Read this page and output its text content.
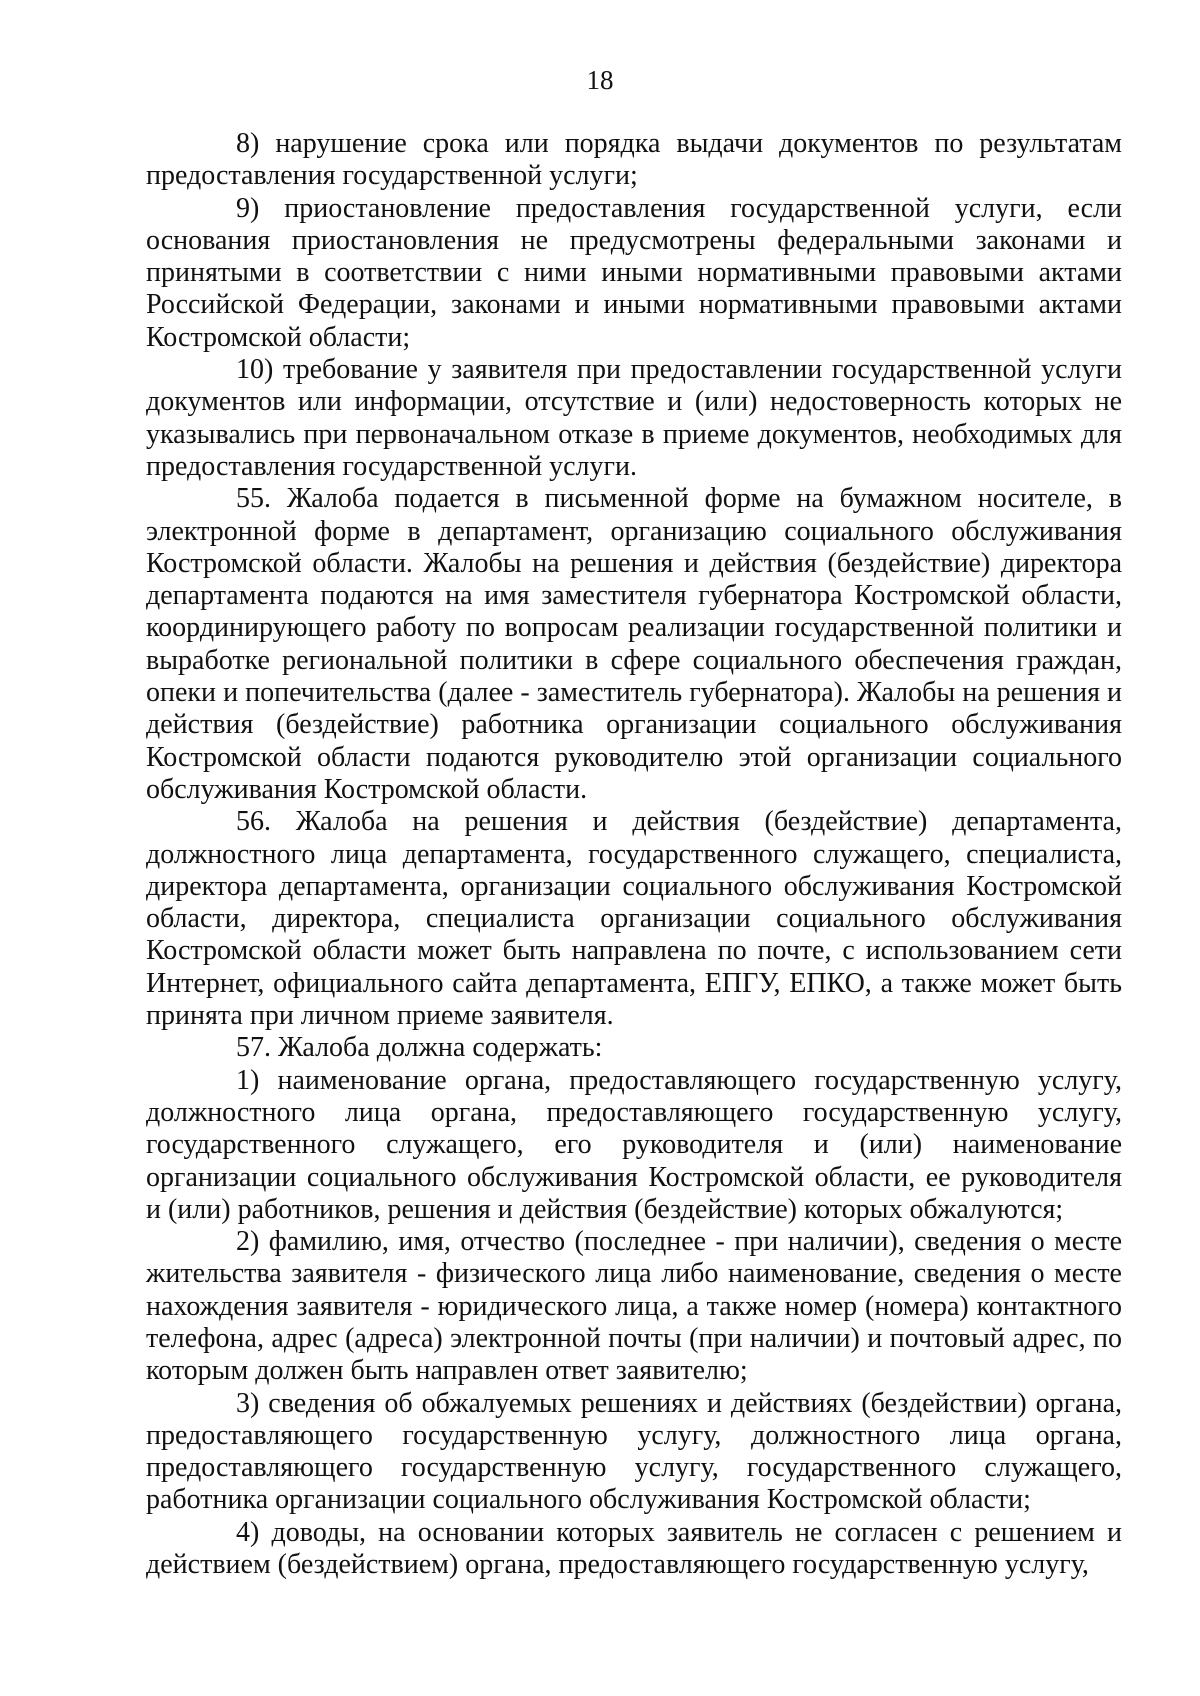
18

8) нарушение срока или порядка выдачи документов по результатам предоставления государственной услуги;

9) приостановление предоставления государственной услуги, если основания приостановления не предусмотрены федеральными законами и принятыми в соответствии с ними иными нормативными правовыми актами Российской Федерации, законами и иными нормативными правовыми актами Костромской области;

10) требование у заявителя при предоставлении государственной услуги документов или информации, отсутствие и (или) недостоверность которых не указывались при первоначальном отказе в приеме документов, необходимых для предоставления государственной услуги.

55. Жалоба подается в письменной форме на бумажном носителе, в электронной форме в департамент, организацию социального обслуживания Костромской области. Жалобы на решения и действия (бездействие) директора департамента подаются на имя заместителя губернатора Костромской области, координирующего работу по вопросам реализации государственной политики и выработке региональной политики в сфере социального обеспечения граждан, опеки и попечительства (далее - заместитель губернатора). Жалобы на решения и действия (бездействие) работника организации социального обслуживания Костромской области подаются руководителю этой организации социального обслуживания Костромской области.

56. Жалоба на решения и действия (бездействие) департамента, должностного лица департамента, государственного служащего, специалиста, директора департамента, организации социального обслуживания Костромской области, директора, специалиста организации социального обслуживания Костромской области может быть направлена по почте, с использованием сети Интернет, официального сайта департамента, ЕПГУ, ЕПКО, а также может быть принята при личном приеме заявителя.

57. Жалоба должна содержать:

1) наименование органа, предоставляющего государственную услугу, должностного лица органа, предоставляющего государственную услугу, государственного служащего, его руководителя и (или) наименование организации социального обслуживания Костромской области, ее руководителя и (или) работников, решения и действия (бездействие) которых обжалуются;

2) фамилию, имя, отчество (последнее - при наличии), сведения о месте жительства заявителя - физического лица либо наименование, сведения о месте нахождения заявителя - юридического лица, а также номер (номера) контактного телефона, адрес (адреса) электронной почты (при наличии) и почтовый адрес, по которым должен быть направлен ответ заявителю;

3) сведения об обжалуемых решениях и действиях (бездействии) органа, предоставляющего государственную услугу, должностного лица органа, предоставляющего государственную услугу, государственного служащего, работника организации социального обслуживания Костромской области;

4) доводы, на основании которых заявитель не согласен с решением и действием (бездействием) органа, предоставляющего государственную услугу,
